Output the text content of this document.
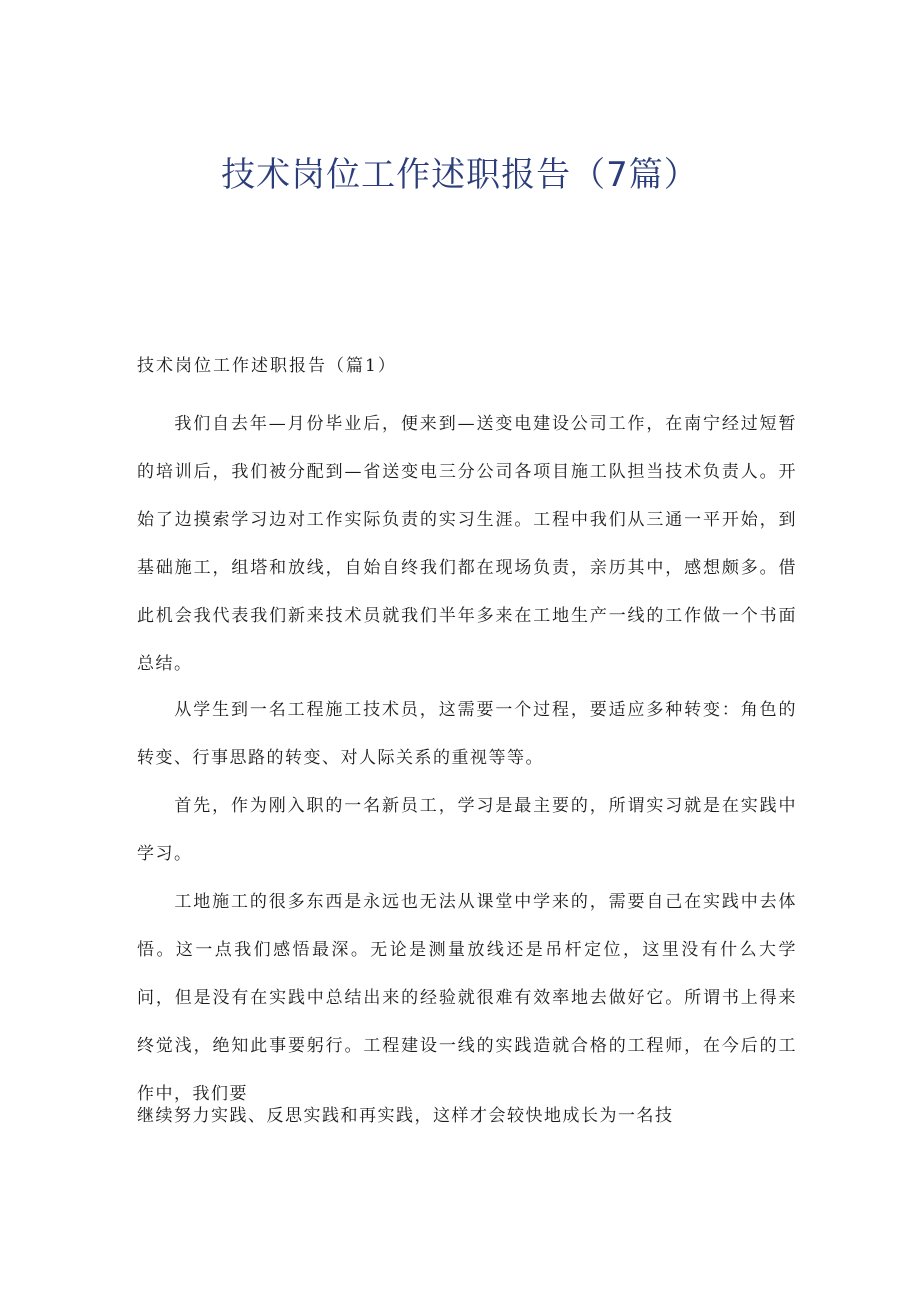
技术岗位工作述职报告（7篇）
技术岗位工作述职报告（篇1）

我们自去年—月份毕业后，便来到—送变电建设公司工作，在南宁经过短暂的培训后，我们被分配到—省送变电三分公司各项目施工队担当技术负责人。开始了边摸索学习边对工作实际负责的实习生涯。工程中我们从三通一平开始，到基础施工，组塔和放线，自始自终我们都在现场负责，亲历其中，感想颇多。借此机会我代表我们新来技术员就我们半年多来在工地生产一线的工作做一个书面总结。

从学生到一名工程施工技术员，这需要一个过程，要适应多种转变：角色的转变、行事思路的转变、对人际关系的重视等等。

首先，作为刚入职的一名新员工，学习是最主要的，所谓实习就是在实践中学习。

工地施工的很多东西是永远也无法从课堂中学来的，需要自己在实践中去体悟。这一点我们感悟最深。无论是测量放线还是吊杆定位，这里没有什么大学问，但是没有在实践中总结出来的经验就很难有效率地去做好它。所谓书上得来终觉浅，绝知此事要躬行。工程建设一线的实践造就合格的工程师，在今后的工作中，我们要

继续努力实践、反思实践和再实践，这样才会较快地成长为一名技
